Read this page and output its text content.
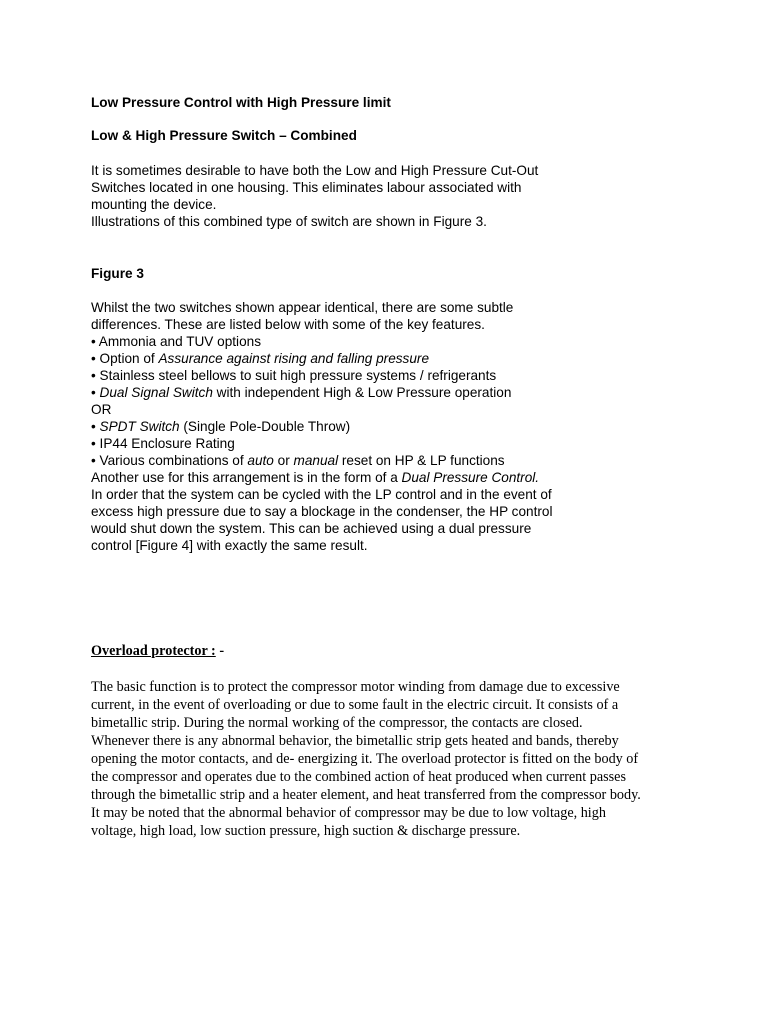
Low Pressure Control with High Pressure limit
Low & High Pressure Switch – Combined
It is sometimes desirable to have both the Low and High Pressure Cut-Out
Switches located in one housing. This eliminates labour associated with
mounting the device.
Illustrations of this combined type of switch are shown in Figure 3.
Figure 3
Whilst the two switches shown appear identical, there are some subtle
differences. These are listed below with some of the key features.
• Ammonia and TUV options
• Option of Assurance against rising and falling pressure
• Stainless steel bellows to suit high pressure systems / refrigerants
• Dual Signal Switch with independent High & Low Pressure operation
OR
• SPDT Switch (Single Pole-Double Throw)
• IP44 Enclosure Rating
• Various combinations of auto or manual reset on HP & LP functions
Another use for this arrangement is in the form of a Dual Pressure Control.
In order that the system can be cycled with the LP control and in the event of
excess high pressure due to say a blockage in the condenser, the HP control
would shut down the system. This can be achieved using a dual pressure
control [Figure 4] with exactly the same result.
Overload protector : -
The basic function is to protect the compressor motor winding from damage due to excessive
current, in the event of overloading or due to some fault in the electric circuit. It consists of a
bimetallic strip. During the normal working of the compressor, the contacts are closed.
Whenever there is any abnormal behavior, the bimetallic strip gets heated and bands, thereby
opening the motor contacts, and de- energizing it. The overload protector is fitted on the body of
the compressor and operates due to the combined action of heat produced when current passes
through the bimetallic strip and a heater element, and heat transferred from the compressor body.
It may be noted that the abnormal behavior of compressor may be due to low voltage, high
voltage, high load, low suction pressure, high suction & discharge pressure.
